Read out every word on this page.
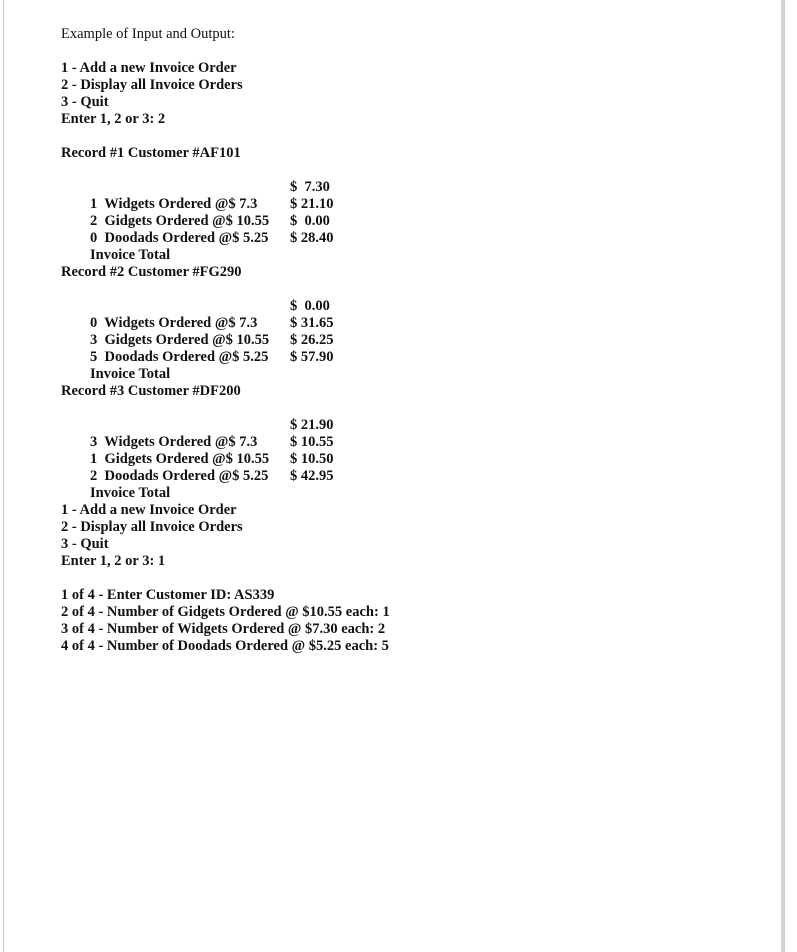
Example of Input and Output:
1 - Add a new Invoice Order
2 - Display all Invoice Orders
3 - Quit
Enter 1, 2 or 3: 2
Record #1 Customer #AF101

1  Widgets Ordered @$ 7.3

$  7.30

2  Gidgets Ordered @$ 10.55

$ 21.10

0  Doodads Ordered @$ 5.25

$  0.00

Invoice Total

$ 28.40

Record #2 Customer #FG290

0  Widgets Ordered @$ 7.3

$  0.00

3  Gidgets Ordered @$ 10.55

$ 31.65

5  Doodads Ordered @$ 5.25

$ 26.25

Invoice Total

$ 57.90

Record #3 Customer #DF200

3  Widgets Ordered @$ 7.3

$ 21.90

1  Gidgets Ordered @$ 10.55

$ 10.55

2  Doodads Ordered @$ 5.25

$ 10.50

Invoice Total

$ 42.95

1 - Add a new Invoice Order
2 - Display all Invoice Orders
3 - Quit
Enter 1, 2 or 3: 1
1 of 4 - Enter Customer ID: AS339
2 of 4 - Number of Gidgets Ordered @ $10.55 each: 1
3 of 4 - Number of Widgets Ordered @ $7.30 each: 2
4 of 4 - Number of Doodads Ordered @ $5.25 each: 5
